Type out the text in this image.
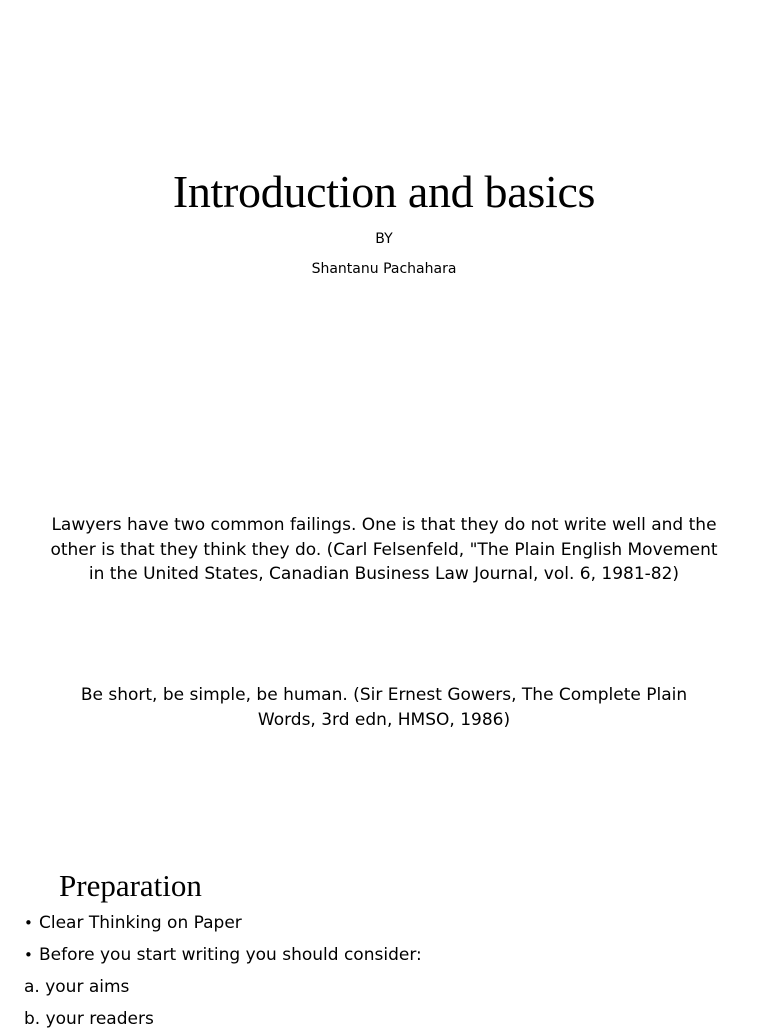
Introduction and basics
BY
Shantanu Pachahara
Lawyers have two common failings. One is that they do not write well and the other is that they think they do. (Carl Felsenfeld, "The Plain English Movement in the United States, Canadian Business Law Journal, vol. 6, 1981-82)
Be short, be simple, be human. (Sir Ernest Gowers, The Complete Plain Words, 3rd edn, HMSO, 1986)
Preparation
• Clear Thinking on Paper
• Before you start writing you should consider:
a. your aims
b. your readers
